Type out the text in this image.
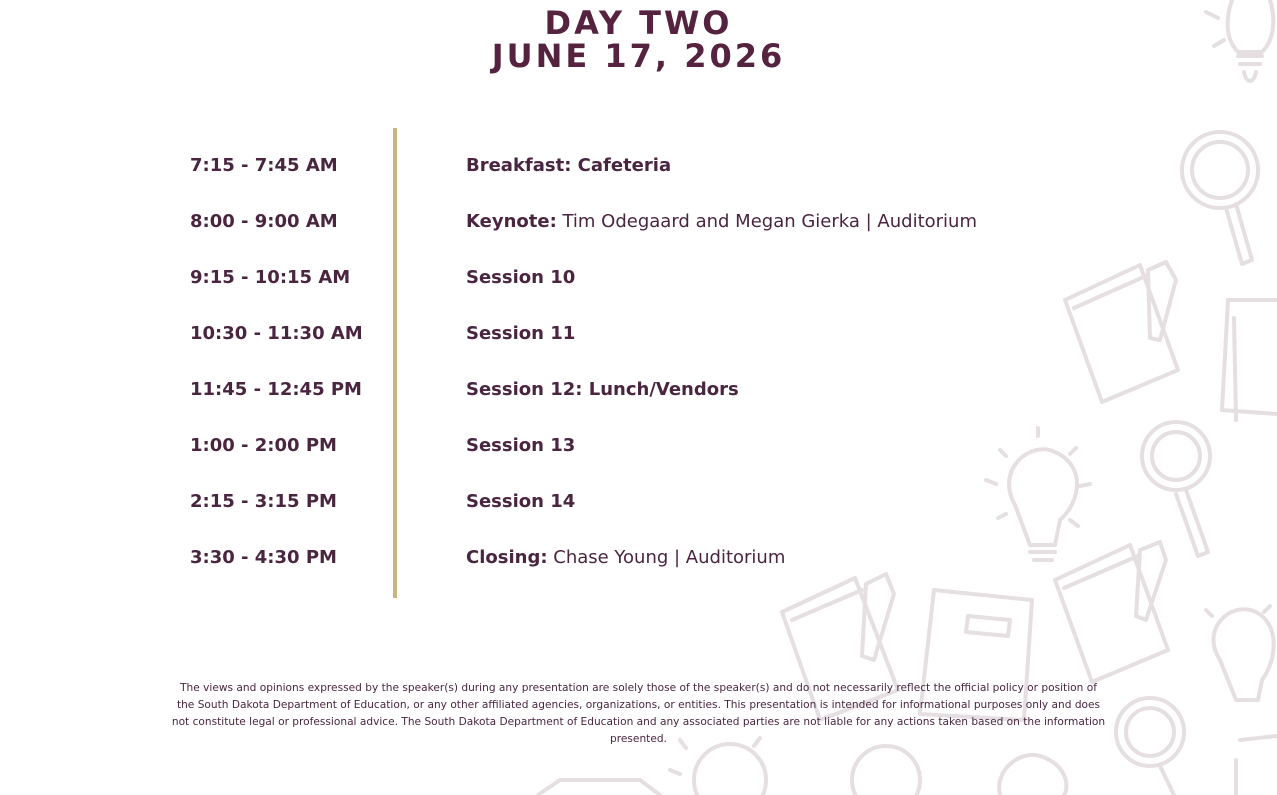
DAY TWO
JUNE 17, 2026
7:15 - 7:45 AM	Breakfast: Cafeteria
8:00 - 9:00 AM	Keynote: Tim Odegaard and Megan Gierka | Auditorium
9:15 - 10:15 AM	Session 10
10:30 - 11:30 AM	Session 11
11:45 - 12:45 PM	Session 12: Lunch/Vendors
1:00 - 2:00 PM	Session 13
2:15 - 3:15 PM	Session 14
3:30 - 4:30 PM	Closing: Chase Young | Auditorium
The views and opinions expressed by the speaker(s) during any presentation are solely those of the speaker(s) and do not necessarily reflect the official policy or position of the South Dakota Department of Education, or any other affiliated agencies, organizations, or entities. This presentation is intended for informational purposes only and does not constitute legal or professional advice. The South Dakota Department of Education and any associated parties are not liable for any actions taken based on the information presented.
